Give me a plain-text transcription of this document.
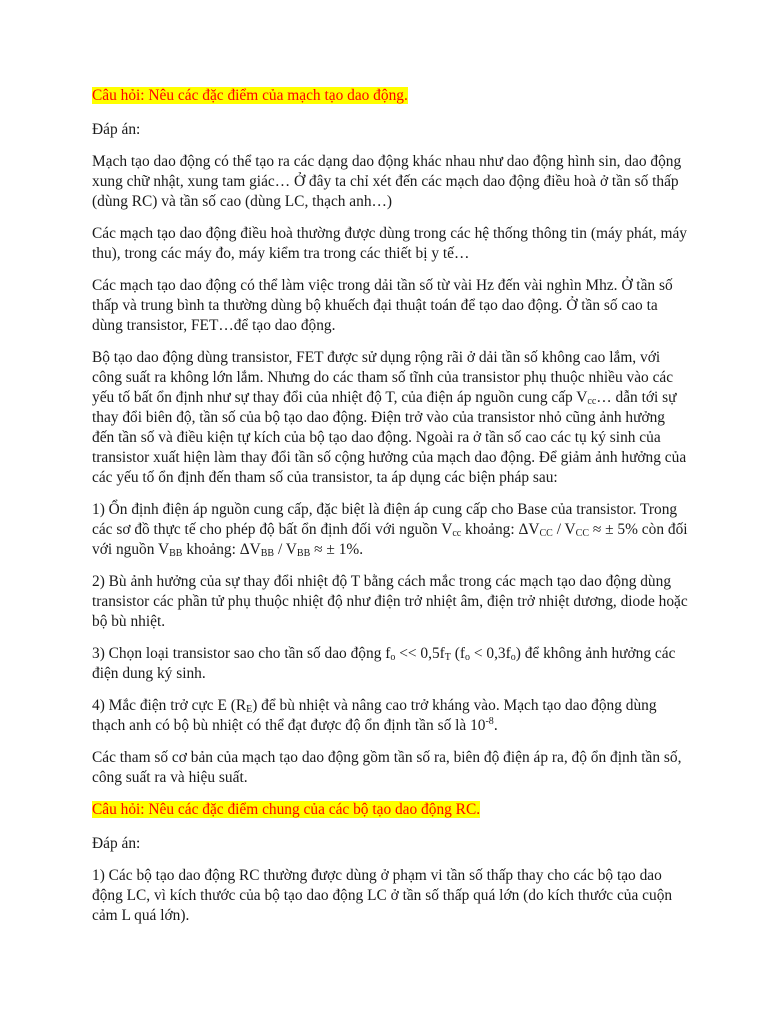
Câu hỏi: Nêu các đặc điểm của mạch tạo dao động.

Đáp án:

Mạch tạo dao động có thể tạo ra các dạng dao động khác nhau như dao động hình sin, dao động xung chữ nhật, xung tam giác… Ở đây ta chỉ xét đến các mạch dao động điều hoà ở tần số thấp (dùng RC) và tần số cao (dùng LC, thạch anh…)

Các mạch tạo dao động điều hoà thường được dùng trong các hệ thống thông tin (máy phát, máy thu), trong các máy đo, máy kiểm tra trong các thiết bị y tế…

Các mạch tạo dao động có thể làm việc trong dải tần số từ vài Hz đến vài nghìn Mhz. Ở tần số thấp và trung bình ta thường dùng bộ khuếch đại thuật toán để tạo dao động. Ở tần số cao ta dùng transistor, FET…để tạo dao động.

Bộ tạo dao động dùng transistor, FET được sử dụng rộng rãi ở dải tần số không cao lắm, với công suất ra không lớn lắm. Nhưng do các tham số tĩnh của transistor phụ thuộc nhiều vào các yếu tố bất ổn định như sự thay đổi của nhiệt độ T, của điện áp nguồn cung cấp $V_{cc}\dots$ dẫn tới sự thay đổi biên độ, tần số của bộ tạo dao động. Điện trở vào của transistor nhỏ cũng ảnh hưởng đến tần số và điều kiện tự kích của bộ tạo dao động. Ngoài ra ở tần số cao các tụ ký sinh của transistor xuất hiện làm thay đổi tần số cộng hưởng của mạch dao động. Để giảm ảnh hưởng của các yếu tố ổn định đến tham số của transistor, ta áp dụng các biện pháp sau:

1) Ổn định điện áp nguồn cung cấp, đặc biệt là điện áp cung cấp cho Base của transistor. Trong các sơ đồ thực tế cho phép độ bất ổn định đối với nguồn $V_{cc}$ khoảng: $\Delta V_{CC} / V_{CC}$ ≈ ± 5% còn đối với nguồn $V_{BB}$ khoảng: $\Delta V_{BB} / V_{BB}$ ≈ ± 1%.

2) Bù ảnh hưởng của sự thay đổi nhiệt độ T bằng cách mắc trong các mạch tạo dao động dùng transistor các phần tử phụ thuộc nhiệt độ như điện trở nhiệt âm, điện trở nhiệt dương, diode hoặc bộ bù nhiệt.

3) Chọn loại transistor sao cho tần số dao động $f_o << 0,5f_T$ $(f_o < 0,3f_o)$ để không ảnh hưởng các điện dung ký sinh.

4) Mắc điện trở cực E $(R_E)$ để bù nhiệt và nâng cao trở kháng vào. Mạch tạo dao động dùng thạch anh có bộ bù nhiệt có thể đạt được độ ổn định tần số là $10^{-8}$.

Các tham số cơ bản của mạch tạo dao động gồm tần số ra, biên độ điện áp ra, độ ổn định tần số, công suất ra và hiệu suất.

Câu hỏi: Nêu các đặc điểm chung của các bộ tạo dao động RC.

Đáp án:

1) Các bộ tạo dao động RC thường được dùng ở phạm vi tần số thấp thay cho các bộ tạo dao động LC, vì kích thước của bộ tạo dao động LC ở tần số thấp quá lớn (do kích thước của cuộn cảm L quá lớn).
